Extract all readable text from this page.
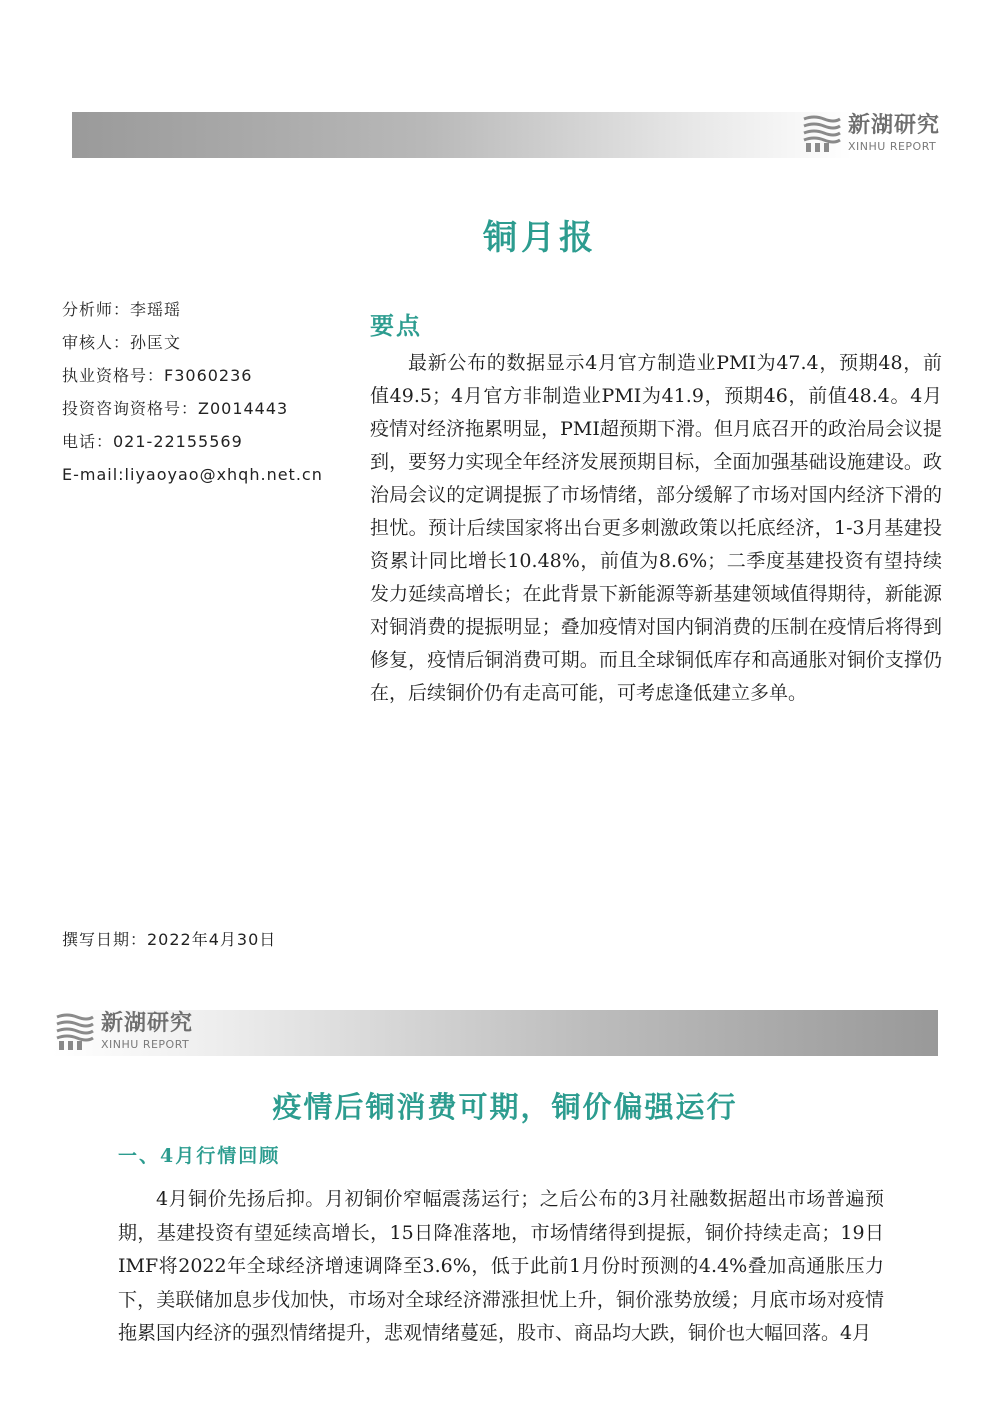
新湖研究
XINHU REPORT
铜月报
分析师：李瑶瑶
审核人：孙匡文
执业资格号：F3060236
投资咨询资格号：Z0014443
电话：021-22155569
E-mail:liyaoyao@xhqh.net.cn
要点

最新公布的数据显示4月官方制造业PMI为47.4，预期48，前值49.5；4月官方非制造业PMI为41.9，预期46，前值48.4。4月疫情对经济拖累明显，PMI超预期下滑。但月底召开的政治局会议提到，要努力实现全年经济发展预期目标，全面加强基础设施建设。政治局会议的定调提振了市场情绪，部分缓解了市场对国内经济下滑的担忧。预计后续国家将出台更多刺激政策以托底经济，1-3月基建投资累计同比增长10.48%，前值为8.6%；二季度基建投资有望持续发力延续高增长；在此背景下新能源等新基建领域值得期待，新能源对铜消费的提振明显；叠加疫情对国内铜消费的压制在疫情后将得到修复，疫情后铜消费可期。而且全球铜低库存和高通胀对铜价支撑仍在，后续铜价仍有走高可能，可考虑逢低建立多单。

撰写日期：2022年4月30日
新湖研究
XINHU REPORT
疫情后铜消费可期，铜价偏强运行
一、4月行情回顾

4月铜价先扬后抑。月初铜价窄幅震荡运行；之后公布的3月社融数据超出市场普遍预期，基建投资有望延续高增长，15日降准落地，市场情绪得到提振，铜价持续走高；19日IMF将2022年全球经济增速调降至3.6%，低于此前1月份时预测的4.4%叠加高通胀压力下，美联储加息步伐加快，市场对全球经济滞涨担忧上升，铜价涨势放缓；月底市场对疫情拖累国内经济的强烈情绪提升，悲观情绪蔓延，股市、商品均大跌，铜价也大幅回落。4月
